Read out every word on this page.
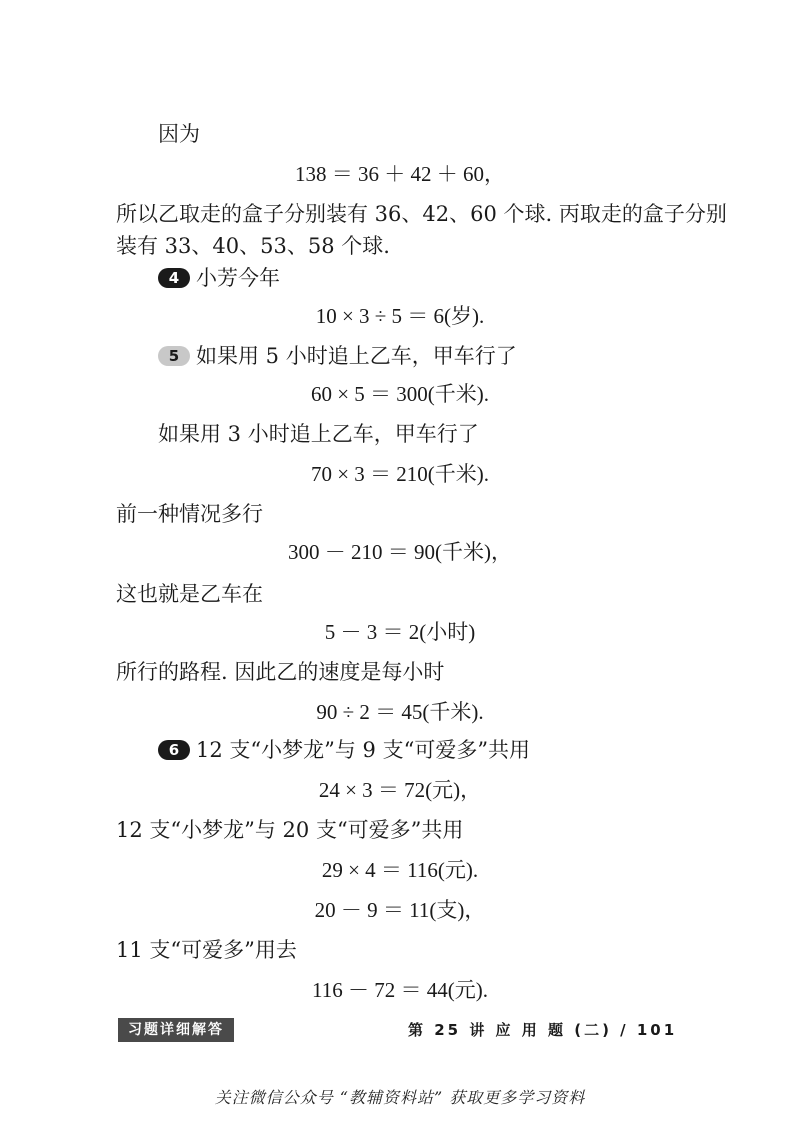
因为
138 ＝ 36 ＋ 42 ＋ 60，
所以乙取走的盒子分别装有 36、42、60 个球. 丙取走的盒子分别
装有 33、40、53、58 个球.
4 小芳今年
10 × 3 ÷ 5 ＝ 6(岁).
5 如果用 5 小时追上乙车，甲车行了
60 × 5 ＝ 300(千米).
如果用 3 小时追上乙车，甲车行了
70 × 3 ＝ 210(千米).
前一种情况多行
300 － 210 ＝ 90(千米)，
这也就是乙车在
5 － 3 ＝ 2(小时)
所行的路程. 因此乙的速度是每小时
90 ÷ 2 ＝ 45(千米).
6 12 支“小梦龙”与 9 支“可爱多”共用
24 × 3 ＝ 72(元)，
12 支“小梦龙”与 20 支“可爱多”共用
29 × 4 ＝ 116(元).
20 － 9 ＝ 11(支)，
11 支“可爱多”用去
116 － 72 ＝ 44(元).
习题详细解答	第 25 讲 应 用 题 (二) / 101
关注微信公众号 “教辅资料站” 获取更多学习资料
